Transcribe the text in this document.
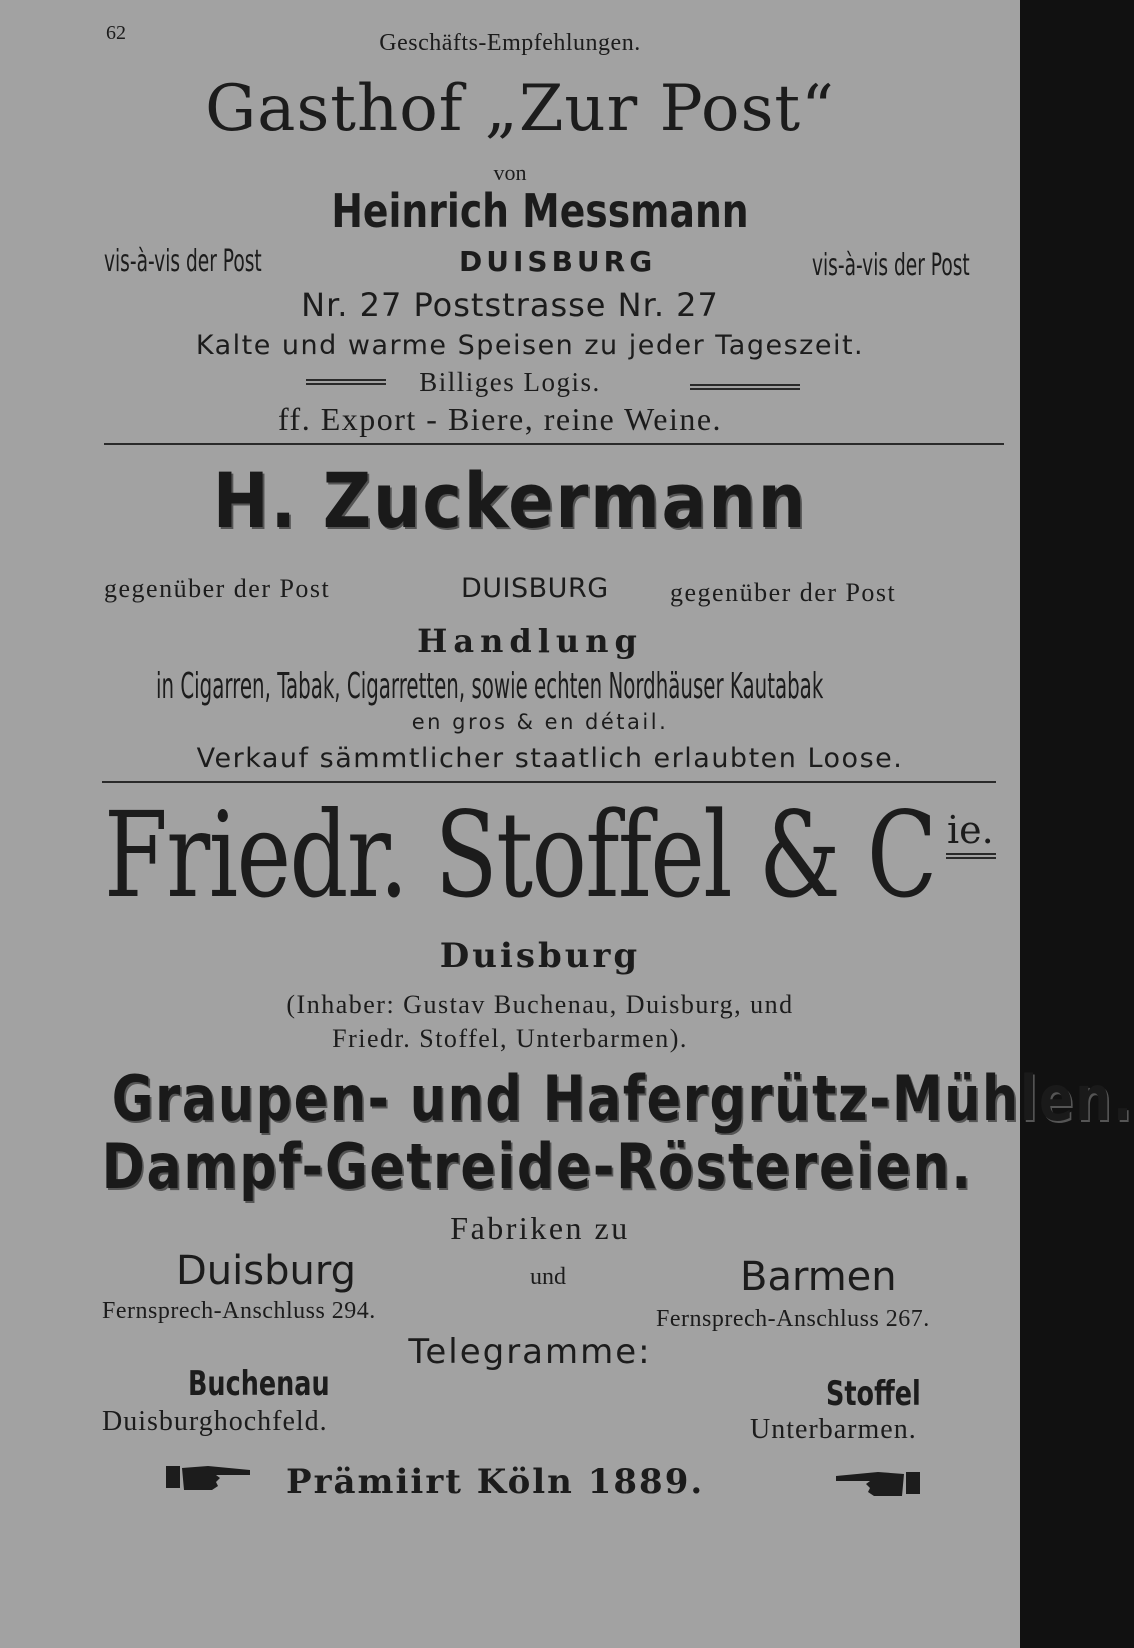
62	Geschäfts-Empfehlungen.
Gasthof „Zur Post“
von
Heinrich Messmann
vis-à-vis der Post	DUISBURG	vis-à-vis der Post
Nr. 27 Poststrasse Nr. 27
Kalte und warme Speisen zu jeder Tageszeit.
Billiges Logis.
ff. Export - Biere, reine Weine.
H. Zuckermann
gegenüber der Post	DUISBURG gegenüber der Post
Handlung
in Cigarren, Tabak, Cigarretten, sowie echten Nordhäuser Kautabak
en gros & en détail.
Verkauf sämmtlicher staatlich erlaubten Loose.
Friedr. Stoffel & C ie.
Duisburg
(Inhaber: Gustav Buchenau, Duisburg, und
Friedr. Stoffel, Unterbarmen).
Graupen- und Hafergrütz-Mühlen.
Dampf-Getreide-Röstereien.
Fabriken zu
Duisburg	und	Barmen
Fernsprech-Anschluss 294.	Fernsprech-Anschluss 267.
Telegramme:
Buchenau
Duisburghochfeld.
Stoffel
Unterbarmen.
Prämiirt Köln 1889.
